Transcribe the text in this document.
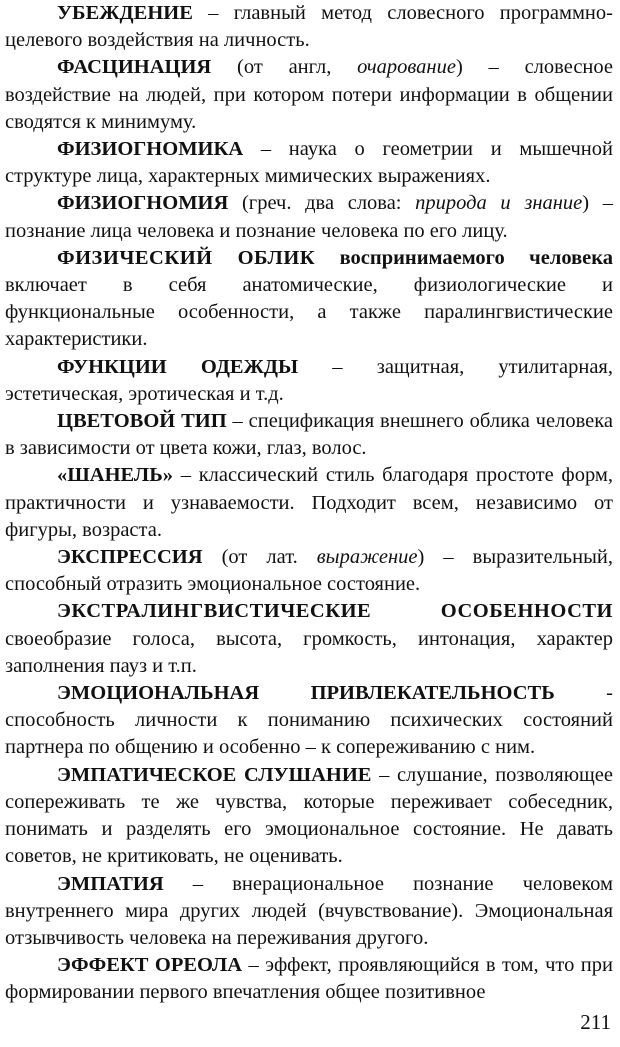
УБЕЖДЕНИЕ – главный метод словесного программно-целевого воздействия на личность.

ФАСЦИНАЦИЯ (от англ, очарование) – словесное воздействие на людей, при котором потери информации в общении сводятся к минимуму.

ФИЗИОГНОМИКА – наука о геометрии и мышечной структуре лица, характерных мимических выражениях.

ФИЗИОГНОМИЯ (греч. два слова: природа и знание) – познание лица человека и познание человека по его лицу.

ФИЗИЧЕСКИЙ ОБЛИК воспринимаемого человека включает в себя анатомические, физиологические и функциональные особенности, а также паралингвистические характеристики.

ФУНКЦИИ ОДЕЖДЫ – защитная, утилитарная, эстетическая, эротическая и т.д.

ЦВЕТОВОЙ ТИП – спецификация внешнего облика человека в зависимости от цвета кожи, глаз, волос.

«ШАНЕЛЬ» – классический стиль благодаря простоте форм, практичности и узнаваемости. Подходит всем, независимо от фигуры, возраста.

ЭКСПРЕССИЯ (от лат. выражение) – выразительный, способный отразить эмоциональное состояние.

ЭКСТРАЛИНГВИСТИЧЕСКИЕ ОСОБЕННОСТИ своеобразие голоса, высота, громкость, интонация, характер заполнения пауз и т.п.

ЭМОЦИОНАЛЬНАЯ ПРИВЛЕКАТЕЛЬНОСТЬ - способность личности к пониманию психических состояний партнера по общению и особенно – к сопереживанию с ним.

ЭМПАТИЧЕСКОЕ СЛУШАНИЕ – слушание, позволяющее сопереживать те же чувства, которые переживает собеседник, понимать и разделять его эмоциональное состояние. Не давать советов, не критиковать, не оценивать.

ЭМПАТИЯ – внерациональное познание человеком внутреннего мира других людей (вчувствование). Эмоциональная отзывчивость человека на переживания другого.

ЭФФЕКТ ОРЕОЛА – эффект, проявляющийся в том, что при формировании первого впечатления общее позитивное

211
